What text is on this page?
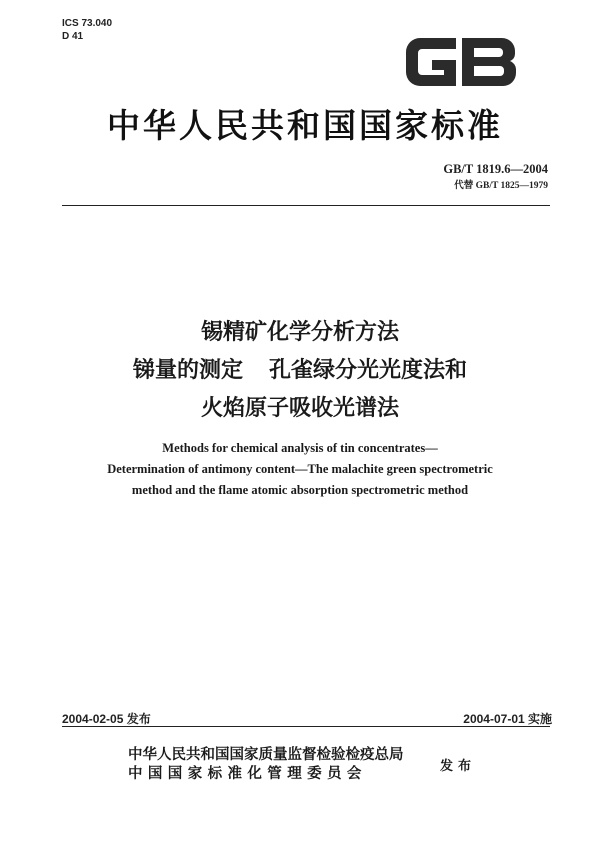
ICS 73.040
D 41
中华人民共和国国家标准
GB/T 1819.6—2004
代替 GB/T 1825—1979
锡精矿化学分析方法
锑量的测定 孔雀绿分光光度法和
火焰原子吸收光谱法
Methods for chemical analysis of tin concentrates—
Determination of antimony content—The malachite green spectrometric
method and the flame atomic absorption spectrometric method
2004-02-05 发布	2004-07-01 实施
中华人民共和国国家质量监督检验检疫总局
中国国家标准化管理委员会	发布
